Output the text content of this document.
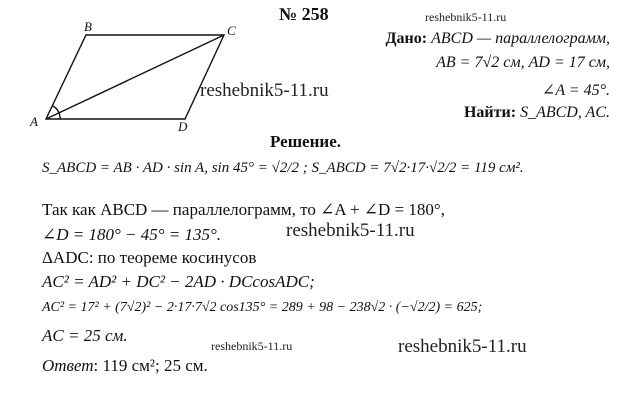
№ 258	reshebnik5-11.ru
A
B	C
D
reshebnik5-11.ru
Дано: ABCD — параллелограмм,
AB = 7√2 см, AD = 17 см,
∠A = 45°.
Найти: S_ABCD, AC.
Решение.
S_ABCD = AB · AD · sin A, sin 45° = √2/2 ; S_ABCD = 7√2·17·√2/2 = 119 см².
Так как ABCD — параллелограмм, то ∠A + ∠D = 180°,
∠D = 180° − 45° = 135°.	reshebnik5-11.ru
ΔADC: по теореме косинусов
AC² = AD² + DC² − 2AD · DCcosADC;
AC² = 17² + (7√2)² − 2·17·7√2 cos135° = 289 + 98 − 238√2 · (−√2/2) = 625;
AC = 25 см.
reshebnik5-11.ru	reshebnik5-11.ru
Ответ: 119 см²; 25 см.
